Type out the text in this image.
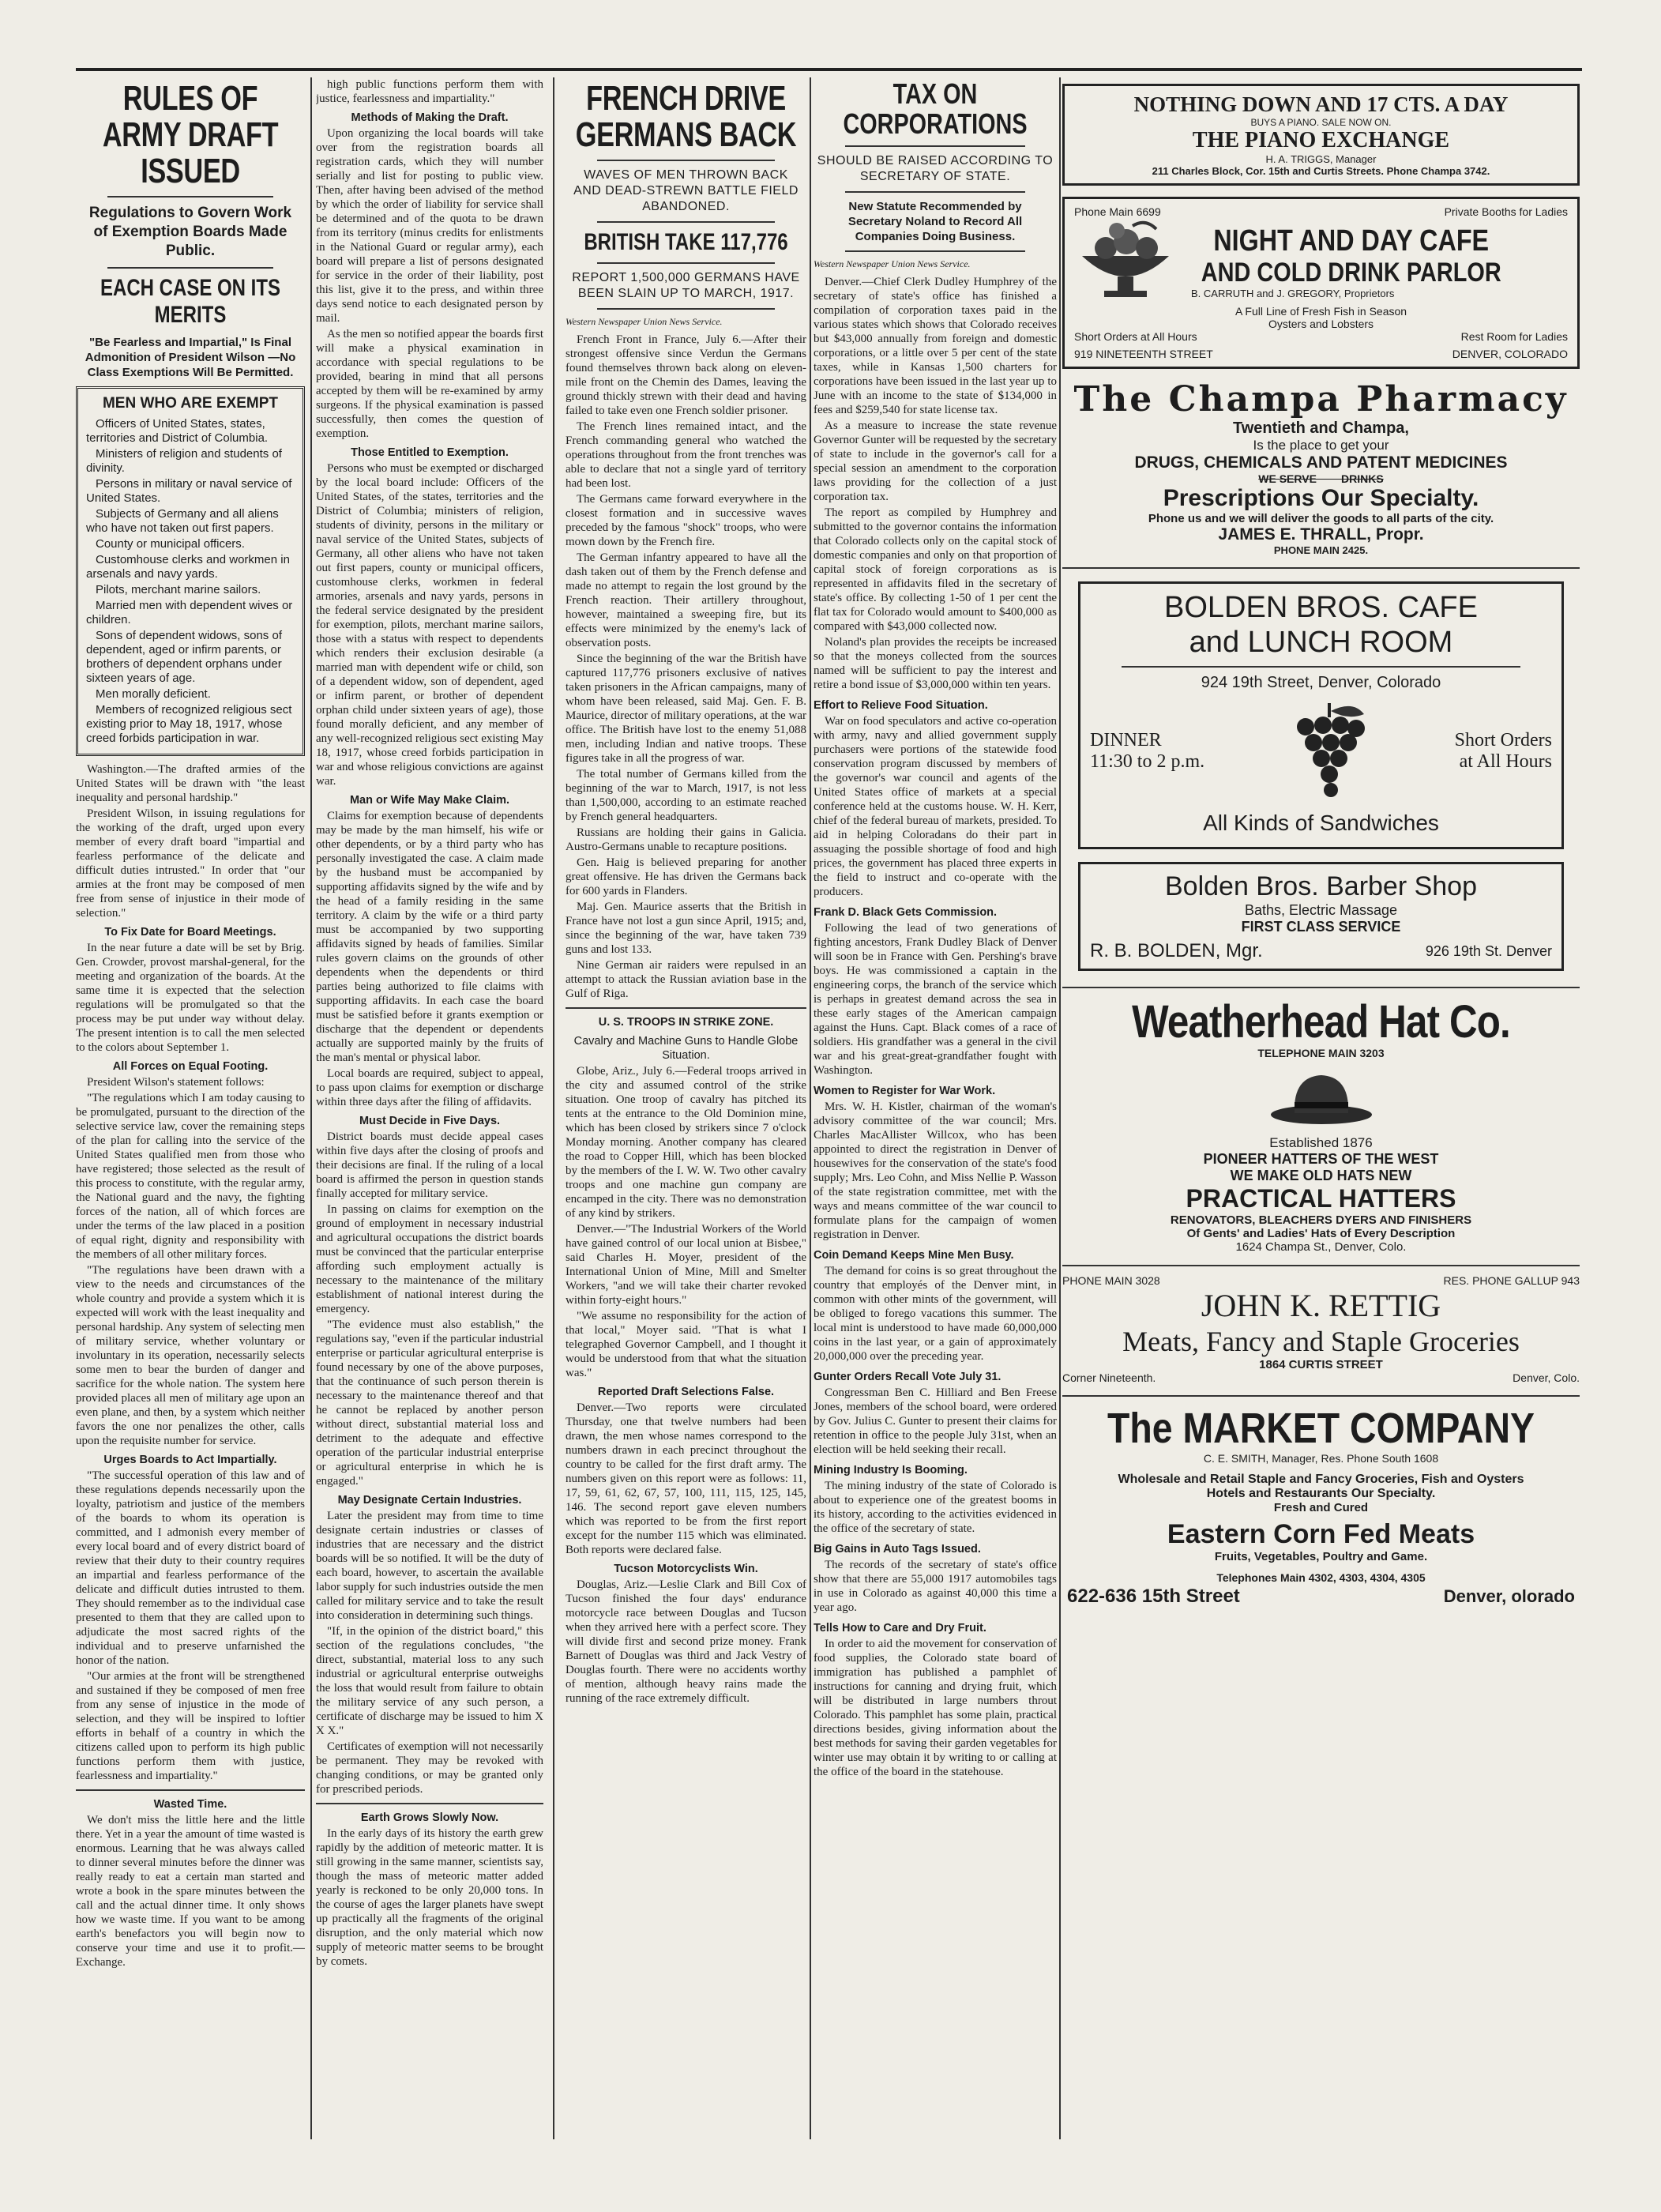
RULES OF ARMY DRAFT ISSUED
Regulations to Govern Work of Exemption Boards Made Public.
EACH CASE ON ITS MERITS
"Be Fearless and Impartial," Is Final Admonition of President Wilson —No Class Exemptions Will Be Permitted.
MEN WHO ARE EXEMPT
Officers of United States, states, territories and District of Columbia.
Ministers of religion and students of divinity.
Persons in military or naval service of United States.
Subjects of Germany and all aliens who have not taken out first papers.
County or municipal officers.
Customhouse clerks and workmen in arsenals and navy yards.
Pilots, merchant marine sailors.
Married men with dependent wives or children.
Sons of dependent widows, sons of dependent, aged or infirm parents, or brothers of dependent orphans under sixteen years of age.
Men morally deficient.
Members of recognized religious sect existing prior to May 18, 1917, whose creed forbids participation in war.

Washington.—The drafted armies of the United States will be drawn with "the least inequality and personal hardship."

President Wilson, in issuing regulations for the working of the draft, urged upon every member of every draft board "impartial and fearless performance of the delicate and difficult duties intrusted." In order that "our armies at the front may be composed of men free from sense of injustice in their mode of selection."

To Fix Date for Board Meetings.

In the near future a date will be set by Brig. Gen. Crowder, provost marshal-general, for the meeting and organization of the boards. At the same time it is expected that the selection regulations will be promulgated so that the process may be put under way without delay. The present intention is to call the men selected to the colors about September 1.

All Forces on Equal Footing.

President Wilson's statement follows:

"The regulations which I am today causing to be promulgated, pursuant to the direction of the selective service law, cover the remaining steps of the plan for calling into the service of the United States qualified men from those who have registered; those selected as the result of this process to constitute, with the regular army, the National guard and the navy, the fighting forces of the nation, all of which forces are under the terms of the law placed in a position of equal right, dignity and responsibility with the members of all other military forces.

"The regulations have been drawn with a view to the needs and circumstances of the whole country and provide a system which it is expected will work with the least inequality and personal hardship. Any system of selecting men of military service, whether voluntary or involuntary in its operation, necessarily selects some men to bear the burden of danger and sacrifice for the whole nation. The system here provided places all men of military age upon an even plane, and then, by a system which neither favors the one nor penalizes the other, calls upon the requisite number for service.

Urges Boards to Act Impartially.

"The successful operation of this law and of these regulations depends necessarily upon the loyalty, patriotism and justice of the members of the boards to whom its operation is committed, and I admonish every member of every local board and of every district board of review that their duty to their country requires an impartial and fearless performance of the delicate and difficult duties intrusted to them. They should remember as to the individual case presented to them that they are called upon to adjudicate the most sacred rights of the individual and to preserve unfarnished the honor of the nation.

"Our armies at the front will be strengthened and sustained if they be composed of men free from any sense of injustice in the mode of selection, and they will be inspired to loftier efforts in behalf of a country in which the citizens called upon to perform its high public functions perform them with justice, fearlessness and impartiality."

Wasted Time.

We don't miss the little here and the little there. Yet in a year the amount of time wasted is enormous. Learning that he was always called to dinner several minutes before the dinner was really ready to eat a certain man started and wrote a book in the spare minutes between the call and the actual dinner time. It only shows how we waste time. If you want to be among earth's benefactors you will begin now to conserve your time and use it to profit.—Exchange.

high public functions perform them with justice, fearlessness and impartiality."

Methods of Making the Draft.

Upon organizing the local boards will take over from the registration boards all registration cards, which they will number serially and list for posting to public view. Then, after having been advised of the method by which the order of liability for service shall be determined and of the quota to be drawn from its territory (minus credits for enlistments in the National Guard or regular army), each board will prepare a list of persons designated for service in the order of their liability, post this list, give it to the press, and within three days send notice to each designated person by mail.

As the men so notified appear the boards first will make a physical examination in accordance with special regulations to be provided, bearing in mind that all persons accepted by them will be re-examined by army surgeons. If the physical examination is passed successfully, then comes the question of exemption.

Those Entitled to Exemption.

Persons who must be exempted or discharged by the local board include: Officers of the United States, of the states, territories and the District of Columbia; ministers of religion, students of divinity, persons in the military or naval service of the United States, subjects of Germany, all other aliens who have not taken out first papers, county or municipal officers, customhouse clerks, workmen in federal armories, arsenals and navy yards, persons in the federal service designated by the president for exemption, pilots, merchant marine sailors, those with a status with respect to dependents which renders their exclusion desirable (a married man with dependent wife or child, son of a dependent widow, son of dependent, aged or infirm parent, or brother of dependent orphan child under sixteen years of age), those found morally deficient, and any member of any well-recognized religious sect existing May 18, 1917, whose creed forbids participation in war and whose religious convictions are against war.

Man or Wife May Make Claim.

Claims for exemption because of dependents may be made by the man himself, his wife or other dependents, or by a third party who has personally investigated the case. A claim made by the husband must be accompanied by supporting affidavits signed by the wife and by the head of a family residing in the same territory. A claim by the wife or a third party must be accompanied by two supporting affidavits signed by heads of families. Similar rules govern claims on the grounds of other dependents when the dependents or third parties being authorized to file claims with supporting affidavits. In each case the board must be satisfied before it grants exemption or discharge that the dependent or dependents actually are supported mainly by the fruits of the man's mental or physical labor.

Local boards are required, subject to appeal, to pass upon claims for exemption or discharge within three days after the filing of affidavits.

Must Decide in Five Days.

District boards must decide appeal cases within five days after the closing of proofs and their decisions are final. If the ruling of a local board is affirmed the person in question stands finally accepted for military service.

In passing on claims for exemption on the ground of employment in necessary industrial and agricultural occupations the district boards must be convinced that the particular enterprise affording such employment actually is necessary to the maintenance of the military establishment of national interest during the emergency.

"The evidence must also establish," the regulations say, "even if the particular industrial enterprise or particular agricultural enterprise is found necessary by one of the above purposes, that the continuance of such person therein is necessary to the maintenance thereof and that he cannot be replaced by another person without direct, substantial material loss and detriment to the adequate and effective operation of the particular industrial enterprise or agricultural enterprise in which he is engaged."

May Designate Certain Industries.

Later the president may from time to time designate certain industries or classes of industries that are necessary and the district boards will be so notified. It will be the duty of each board, however, to ascertain the available labor supply for such industries outside the men called for military service and to take the result into consideration in determining such things.

"If, in the opinion of the district board," this section of the regulations concludes, "the direct, substantial, material loss to any such industrial or agricultural enterprise outweighs the loss that would result from failure to obtain the military service of any such person, a certificate of discharge may be issued to him X X X."

Certificates of exemption will not necessarily be permanent. They may be revoked with changing conditions, or may be granted only for prescribed periods.

Earth Grows Slowly Now.

In the early days of its history the earth grew rapidly by the addition of meteoric matter. It is still growing in the same manner, scientists say, though the mass of meteoric matter added yearly is reckoned to be only 20,000 tons. In the course of ages the larger planets have swept up practically all the fragments of the original disruption, and the only material which now supply of meteoric matter seems to be brought by comets.

FRENCH DRIVE GERMANS BACK
WAVES OF MEN THROWN BACK AND DEAD-STREWN BATTLE FIELD ABANDONED.
BRITISH TAKE 117,776
REPORT 1,500,000 GERMANS HAVE BEEN SLAIN UP TO MARCH, 1917.
Western Newspaper Union News Service.

French Front in France, July 6.—After their strongest offensive since Verdun the Germans found themselves thrown back along on eleven-mile front on the Chemin des Dames, leaving the ground thickly strewn with their dead and having failed to take even one French soldier prisoner.

The French lines remained intact, and the French commanding general who watched the operations throughout from the front trenches was able to declare that not a single yard of territory had been lost.

The Germans came forward everywhere in the closest formation and in successive waves preceded by the famous "shock" troops, who were mown down by the French fire.

The German infantry appeared to have all the dash taken out of them by the French defense and made no attempt to regain the lost ground by the French reaction. Their artillery throughout, however, maintained a sweeping fire, but its effects were minimized by the enemy's lack of observation posts.

Since the beginning of the war the British have captured 117,776 prisoners exclusive of natives taken prisoners in the African campaigns, many of whom have been released, said Maj. Gen. F. B. Maurice, director of military operations, at the war office. The British have lost to the enemy 51,088 men, including Indian and native troops. These figures take in all the progress of war.

The total number of Germans killed from the beginning of the war to March, 1917, is not less than 1,500,000, according to an estimate reached by French general headquarters.

Russians are holding their gains in Galicia. Austro-Germans unable to recapture positions.

Gen. Haig is believed preparing for another great offensive. He has driven the Germans back for 600 yards in Flanders.

Maj. Gen. Maurice asserts that the British in France have not lost a gun since April, 1915; and, since the beginning of the war, have taken 739 guns and lost 133.

Nine German air raiders were repulsed in an attempt to attack the Russian aviation base in the Gulf of Riga.

U. S. TROOPS IN STRIKE ZONE.
Cavalry and Machine Guns to Handle Globe Situation.

Globe, Ariz., July 6.—Federal troops arrived in the city and assumed control of the strike situation. One troop of cavalry has pitched its tents at the entrance to the Old Dominion mine, which has been closed by strikers since 7 o'clock Monday morning. Another company has cleared the road to Copper Hill, which has been blocked by the members of the I. W. W. Two other cavalry troops and one machine gun company are encamped in the city. There was no demonstration of any kind by strikers.

Denver.—"The Industrial Workers of the World have gained control of our local union at Bisbee," said Charles H. Moyer, president of the International Union of Mine, Mill and Smelter Workers, "and we will take their charter revoked within forty-eight hours."

"We assume no responsibility for the action of that local," Moyer said. "That is what I telegraphed Governor Campbell, and I thought it would be understood from that what the situation was."

Reported Draft Selections False.

Denver.—Two reports were circulated Thursday, one that twelve numbers had been drawn, the men whose names correspond to the numbers drawn in each precinct throughout the country to be called for the first draft army. The numbers given on this report were as follows: 11, 17, 59, 61, 62, 67, 57, 100, 111, 115, 125, 145, 146. The second report gave eleven numbers which was reported to be from the first report except for the number 115 which was eliminated. Both reports were declared false.

Tucson Motorcyclists Win.

Douglas, Ariz.—Leslie Clark and Bill Cox of Tucson finished the four days' endurance motorcycle race between Douglas and Tucson when they arrived here with a perfect score. They will divide first and second prize money. Frank Barnett of Douglas was third and Jack Vestry of Douglas fourth. There were no accidents worthy of mention, although heavy rains made the running of the race extremely difficult.

TAX ON CORPORATIONS
SHOULD BE RAISED ACCORDING TO SECRETARY OF STATE.
New Statute Recommended by Secretary Noland to Record All Companies Doing Business.
Western Newspaper Union News Service.

Denver.—Chief Clerk Dudley Humphrey of the secretary of state's office has finished a compilation of corporation taxes paid in the various states which shows that Colorado receives but $43,000 annually from foreign and domestic corporations, or a little over 5 per cent of the state taxes, while in Kansas 1,500 charters for corporations have been issued in the last year up to June with an income to the state of $134,000 in fees and $259,540 for state license tax.

As a measure to increase the state revenue Governor Gunter will be requested by the secretary of state to include in the governor's call for a special session an amendment to the corporation laws providing for the collection of a just corporation tax.

The report as compiled by Humphrey and submitted to the governor contains the information that Colorado collects only on the capital stock of domestic companies and only on that proportion of capital stock of foreign corporations as is represented in affidavits filed in the secretary of state's office. By collecting 1-50 of 1 per cent the flat tax for Colorado would amount to $400,000 as compared with $43,000 collected now.

Noland's plan provides the receipts be increased so that the moneys collected from the sources named will be sufficient to pay the interest and retire a bond issue of $3,000,000 within ten years.

Effort to Relieve Food Situation.

War on food speculators and active co-operation with army, navy and allied government supply purchasers were portions of the statewide food conservation program discussed by members of the governor's war council and agents of the United States office of markets at a special conference held at the customs house. W. H. Kerr, chief of the federal bureau of markets, presided. To aid in helping Coloradans do their part in assuaging the possible shortage of food and high prices, the government has placed three experts in the field to instruct and co-operate with the producers.

Frank D. Black Gets Commission.

Following the lead of two generations of fighting ancestors, Frank Dudley Black of Denver will soon be in France with Gen. Pershing's brave boys. He was commissioned a captain in the engineering corps, the branch of the service which is perhaps in greatest demand across the sea in these early stages of the American campaign against the Huns. Capt. Black comes of a race of soldiers. His grandfather was a general in the civil war and his great-great-grandfather fought with Washington.

Women to Register for War Work.

Mrs. W. H. Kistler, chairman of the woman's advisory committee of the war council; Mrs. Charles MacAllister Willcox, who has been appointed to direct the registration in Denver of housewives for the conservation of the state's food supply; Mrs. Leo Cohn, and Miss Nellie P. Wasson of the state registration committee, met with the ways and means committee of the war council to formulate plans for the campaign of women registration in Denver.

Coin Demand Keeps Mine Men Busy.

The demand for coins is so great throughout the country that employés of the Denver mint, in common with other mints of the government, will be obliged to forego vacations this summer. The local mint is understood to have made 60,000,000 coins in the last year, or a gain of approximately 20,000,000 over the preceding year.

Gunter Orders Recall Vote July 31.

Congressman Ben C. Hilliard and Ben Freese Jones, members of the school board, were ordered by Gov. Julius C. Gunter to present their claims for retention in office to the people July 31st, when an election will be held seeking their recall.

Mining Industry Is Booming.

The mining industry of the state of Colorado is about to experience one of the greatest booms in its history, according to the activities evidenced in the office of the secretary of state.

Big Gains in Auto Tags Issued.

The records of the secretary of state's office show that there are 55,000 1917 automobiles tags in use in Colorado as against 40,000 this time a year ago.

Tells How to Care and Dry Fruit.

In order to aid the movement for conservation of food supplies, the Colorado state board of immigration has published a pamphlet of instructions for canning and drying fruit, which will be distributed in large numbers throut Colorado. This pamphlet has some plain, practical directions besides, giving information about the best methods for saving their garden vegetables for winter use may obtain it by writing to or calling at the office of the board in the statehouse.

NOTHING DOWN AND 17 CTS. A DAY
BUYS A PIANO. SALE NOW ON.
THE PIANO EXCHANGE
H. A. TRIGGS, Manager
211 Charles Block, Cor. 15th and Curtis Streets. Phone Champa 3742.
Phone Main 6699	Private Booths for Ladies
NIGHT AND DAY CAFE
AND COLD DRINK PARLOR
B. CARRUTH and J. GREGORY, Proprietors
A Full Line of Fresh Fish in Season
Oysters and Lobsters
Short Orders at All Hours	Rest Room for Ladies
919 NINETEENTH STREET	DENVER, COLORADO
The Champa Pharmacy
Twentieth and Champa,
Is the place to get your
DRUGS, CHEMICALS AND PATENT MEDICINES
WE SERVE        DRINKS
Prescriptions Our Specialty.
Phone us and we will deliver the goods to all parts of the city.
JAMES E. THRALL, Propr.
PHONE MAIN 2425.
BOLDEN BROS. CAFE
and LUNCH ROOM
924 19th Street, Denver, Colorado
DINNER
11:30 to 2 p.m.
Short Orders
at All Hours
All Kinds of Sandwiches
Bolden Bros. Barber Shop
Baths, Electric Massage
FIRST CLASS SERVICE
R. B. BOLDEN, Mgr.	926 19th St. Denver
Weatherhead Hat Co.
TELEPHONE MAIN 3203
Established 1876
PIONEER HATTERS OF THE WEST
WE MAKE OLD HATS NEW
PRACTICAL HATTERS
RENOVATORS, BLEACHERS DYERS AND FINISHERS
Of Gents' and Ladies' Hats of Every Description
1624 Champa St., Denver, Colo.
PHONE MAIN 3028	RES. PHONE GALLUP 943
JOHN K. RETTIG
Meats, Fancy and Staple Groceries
1864 CURTIS STREET
Corner Nineteenth.	Denver, Colo.
The MARKET COMPANY
C. E. SMITH, Manager, Res. Phone South 1608
Wholesale and Retail Staple and Fancy Groceries, Fish and Oysters
Hotels and Restaurants Our Specialty.
Fresh and Cured
Eastern Corn Fed Meats
Fruits, Vegetables, Poultry and Game.
Telephones Main 4302, 4303, 4304, 4305
622-636 15th Street	Denver, olorado
